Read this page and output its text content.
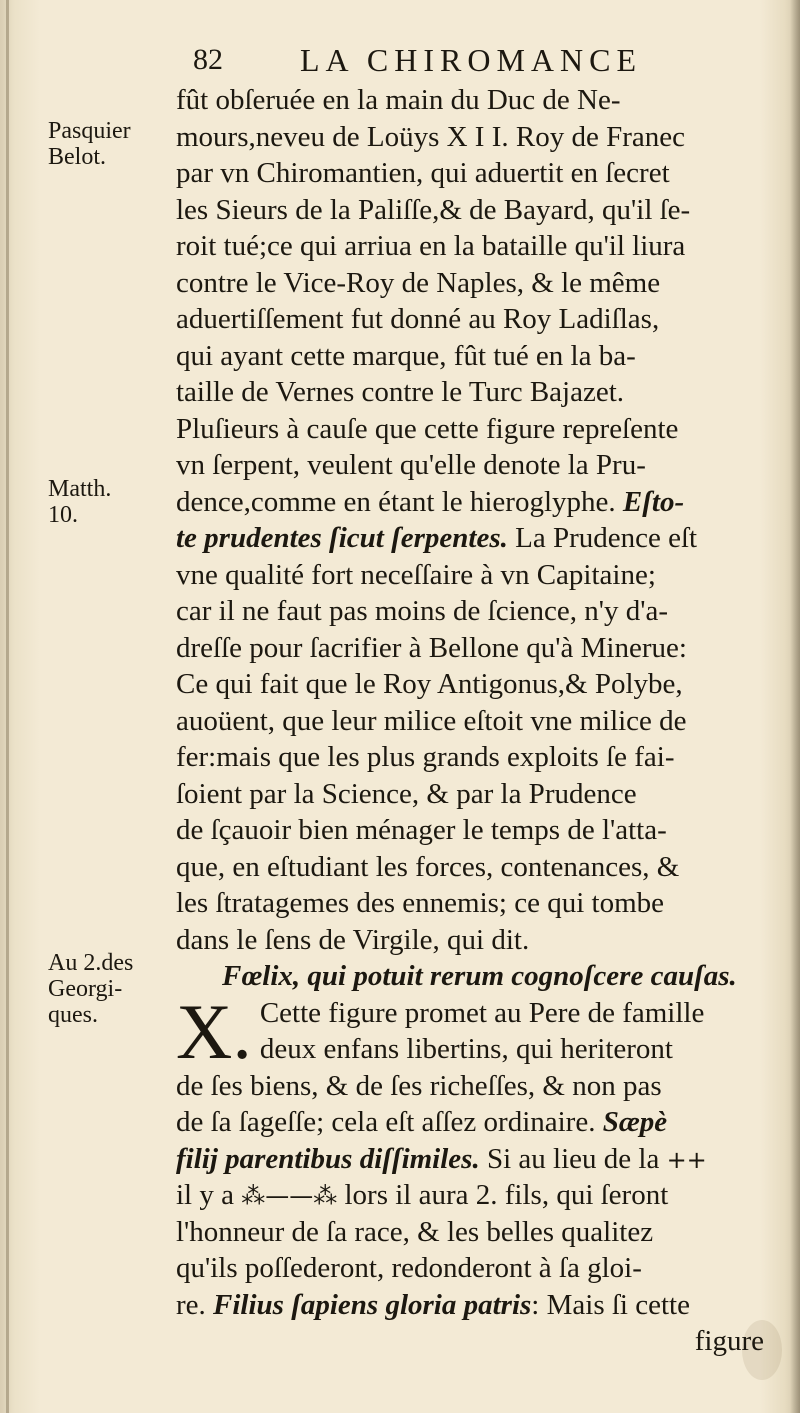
82 LA CHIROMANCE
Pasquier
Belot.
Matth.
10.
Au 2.des
Georgi-
ques.
fût obſeruée en la main du Duc de Ne-
mours,neveu de Loüys X I I. Roy de Franec
par vn Chiromantien, qui aduertit en ſecret
les Sieurs de la Paliſſe,& de Bayard, qu'il ſe-
roit tué;ce qui arriua en la bataille qu'il liura
contre le Vice-Roy de Naples, & le même
aduertiſſement fut donné au Roy Ladiſlas,
qui ayant cette marque, fût tué en la ba-
taille de Vernes contre le Turc Bajazet.
Pluſieurs à cauſe que cette figure repreſente
vn ſerpent, veulent qu'elle denote la Pru-
dence,comme en étant le hieroglyphe. Eſto-
te prudentes ſicut ſerpentes. La Prudence eſt
vne qualité fort neceſſaire à vn Capitaine;
car il ne faut pas moins de ſcience, n'y d'a-
dreſſe pour ſacrifier à Bellone qu'à Minerue:
Ce qui fait que le Roy Antigonus,& Polybe,
auoüent, que leur milice eſtoit vne milice de
fer:mais que les plus grands exploits ſe fai-
ſoient par la Science, & par la Prudence
de ſçauoir bien ménager le temps de l'atta-
que, en eſtudiant les forces, contenances, &
les ſtratagemes des ennemis; ce qui tombe
dans le ſens de Virgile, qui dit.
Fœlix, qui potuit rerum cognoſcere cauſas.
X. Cette figure promet au Pere de famille
deux enfans libertins, qui heriteront
de ſes biens, & de ſes richeſſes, & non pas
de ſa ſageſſe; cela eſt aſſez ordinaire. Sæpè
filij parentibus diſſimiles. Si au lieu de la ++
il y a ⁂——⁂ lors il aura 2. fils, qui ſeront
l'honneur de ſa race, & les belles qualitez
qu'ils poſſederont, redonderont à ſa gloi-
re. Filius ſapiens gloria patris: Mais ſi cette
figure
